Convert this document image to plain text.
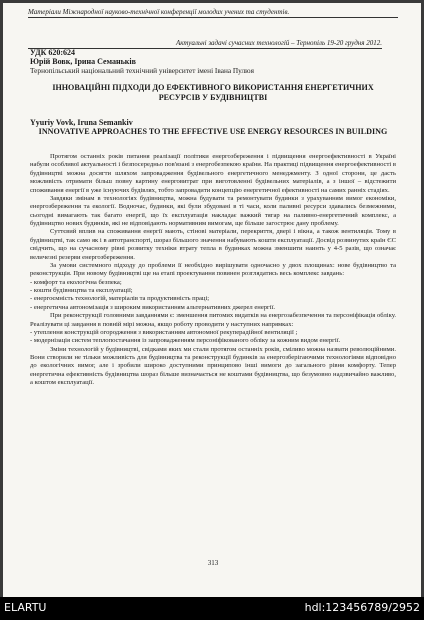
Матеріали Міжнародної науково-технічної конференції молодих учених та студентів.
Актуальні задачі сучасних технологій – Тернопіль 19-20 грудня 2012.
УДК 620:624
Юрій Вовк, Ірина Семанькiв
Тернопільський національний технічний університет імені Івана Пулюя
ІННОВАЦІЙНІ ПІДХОДИ ДО ЕФЕКТИВНОГО ВИКОРИСТАННЯ ЕНЕРГЕТИЧНИХ РЕСУРСІВ У БУДІВНИЦТВІ
Yyuriy Vovk, Iruna Semankiv
INNOVATIVE APPROACHES TO THE EFFECTIVE USE ENERGY RESOURCES IN BUILDING

Протягом останніх років питання реалізації політики енергозбереження і підвищення енергоефективності в Україні набули особливої актуальності і безпосередньо пов'язані з енергобезпекою країни. На практиці підвищення енергоефективності в будівництві можна досягти шляхом запровадження будівельного енергетичного менеджменту. З одної сторони, це дасть можливість отримати більш повну картину енерговитрат при виготовленні будівельних матеріалів, а з іншої – відстежити споживання енергії в уже існуючих будівлях, тобто запровадити концепцію енергетичної ефективності на самих ранніх стадіях.

Завдяки змінам в технологіях будівництва, можна будувати та ремонтувати будинки з урахуванням вимог економіки, енергозбереження та екології. Водночас, будинки, які були збудовані в ті часи, коли паливні ресурси здавались безмежними, сьогодні вимагають так багато енергії, що їх експлуатація накладає важкий тягар на паливно-енергетичний комплекс, а будівництво нових будинків, які не відповідають нормативним вимогам, ще більше загострює дану проблему.

Суттєвий вплив на споживання енергії мають, стінові матеріали, перекриття, двері і вікна, а також вентиляція. Тому в будівництві, так само як і в автотранспорті, шораз більшого значення набувають кошти експлуатації. Досвід розвинутих країн ЄС свідчить, що на сучасному рівні розвитку техніки втрату тепла в будинках можна зменшити наинть у 4-5 разів, що означає величезні резерви енергозбереження.

За умови системного підходу до проблеми її необхідно вирішувати одночасно у двох площинах: нове будівництво та реконструкція. При новому будівництві ще на етапі проектування повинен розглядатись весь комплекс завдань:

- комфорт та екологічна безпека;

- кошти будівництва та експлуатації;

- енергоємність технологій, матеріалів та продуктивність праці;

- енергетична автономізація з широким використанням альтернативних джерел енергії.

При реконструкції головними завданнями є: зменшення питомих видатків на енергозабезпечення та персоніфікація обліку. Реалізувати ці завдання в повній мірі можна, якщо роботу проводити у наступних напрямках:

- утеплення конструкцій огородження з використанням автономної рекуперадійної вентиляції ;

- модернізація систем теплопостачання із запровадженням персоніфікованого обліку за кожним видом енергії.

Зміни технологій у будівництві, свідками яких ми стали протягом останніх років, сміливо можна назвати революційними. Вони створили не тільки можливість для будівництва та реконструкції будинків за енергозберігаючими технологіями відповідно до екологічних вимог, але і зробили широко доступними принципово інші вимоги до загального рівня комфорту. Тепер енергетична ефективність будівництва шораз більше визначається не коштами будівництва, що безумовно надзвичайно важливо, а коштом експлуатації.

313
ELARTU	hdl:123456789/2952
